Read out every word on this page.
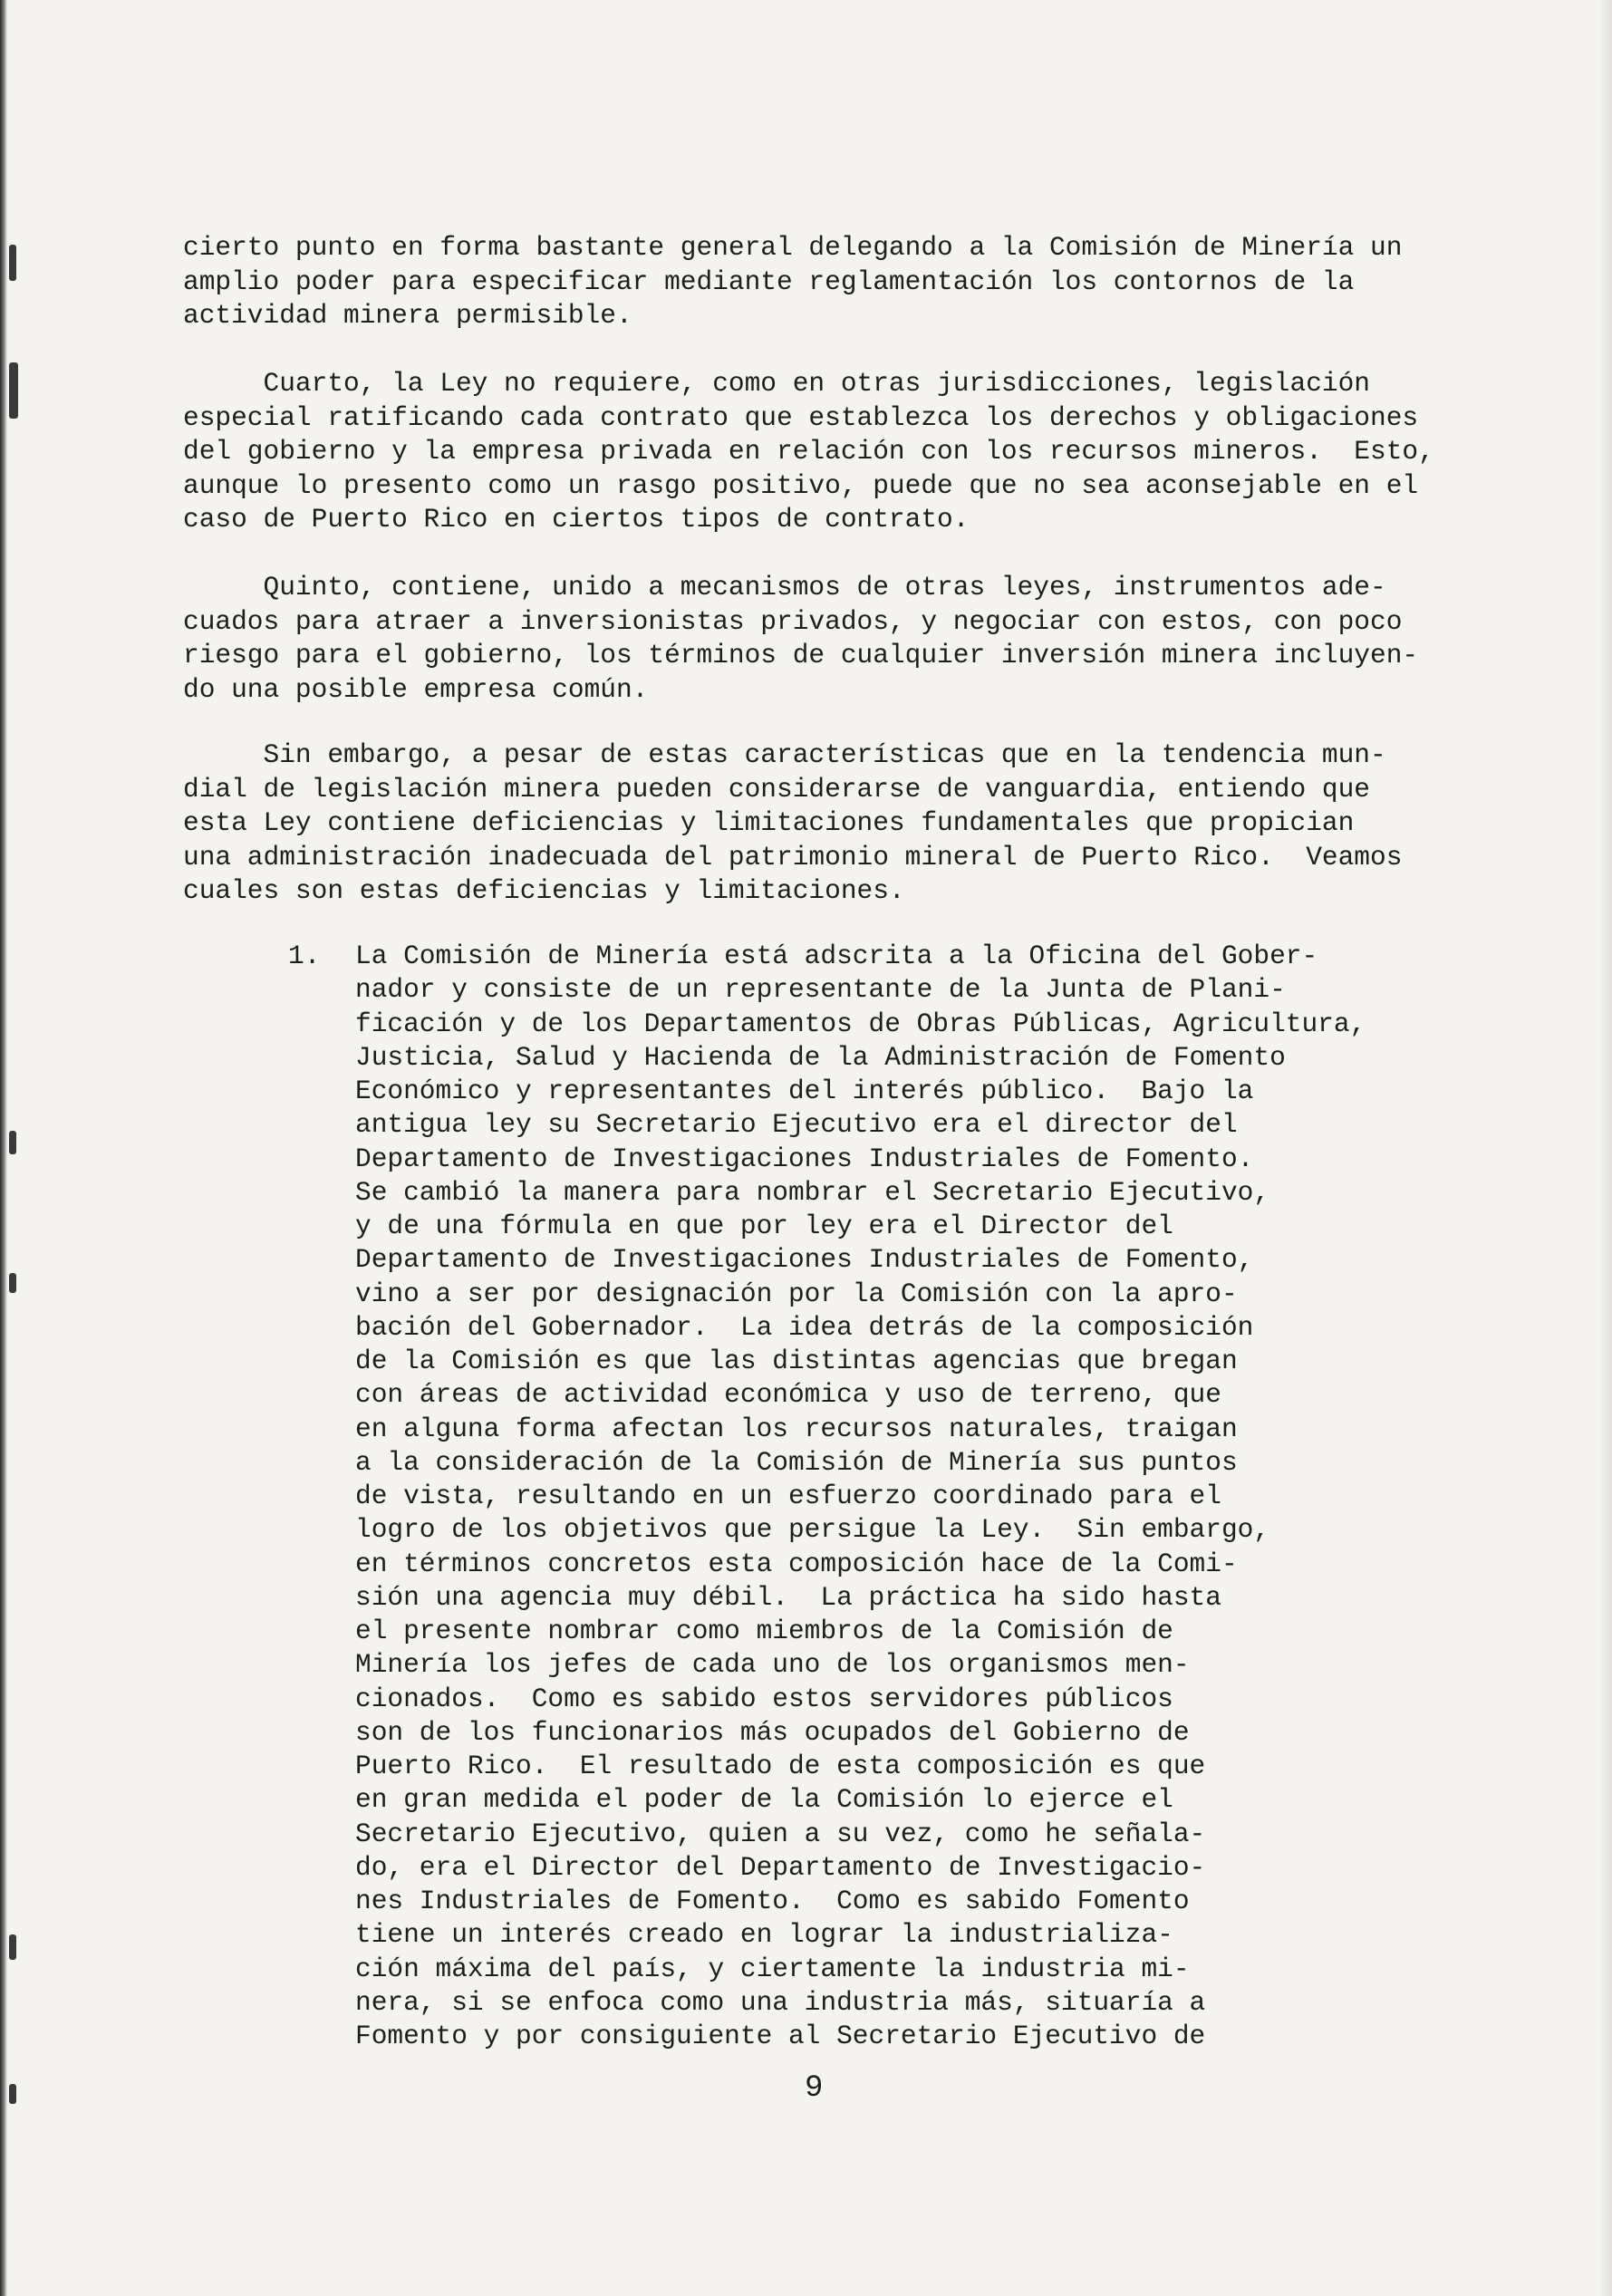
cierto punto en forma bastante general delegando a la Comisión de Minería un
amplio poder para especificar mediante reglamentación los contornos de la
actividad minera permisible.

Cuarto, la Ley no requiere, como en otras jurisdicciones, legislación
especial ratificando cada contrato que establezca los derechos y obligaciones
del gobierno y la empresa privada en relación con los recursos mineros.  Esto,
aunque lo presento como un rasgo positivo, puede que no sea aconsejable en el
caso de Puerto Rico en ciertos tipos de contrato.

Quinto, contiene, unido a mecanismos de otras leyes, instrumentos ade-
cuados para atraer a inversionistas privados, y negociar con estos, con poco
riesgo para el gobierno, los términos de cualquier inversión minera incluyen-
do una posible empresa común.

Sin embargo, a pesar de estas características que en la tendencia mun-
dial de legislación minera pueden considerarse de vanguardia, entiendo que
esta Ley contiene deficiencias y limitaciones fundamentales que propician
una administración inadecuada del patrimonio mineral de Puerto Rico.  Veamos
cuales son estas deficiencias y limitaciones.

1. La Comisión de Minería está adscrita a la Oficina del Gober-
nador y consiste de un representante de la Junta de Plani-
ficación y de los Departamentos de Obras Públicas, Agricultura,
Justicia, Salud y Hacienda de la Administración de Fomento
Económico y representantes del interés público.  Bajo la
antigua ley su Secretario Ejecutivo era el director del
Departamento de Investigaciones Industriales de Fomento.
Se cambió la manera para nombrar el Secretario Ejecutivo,
y de una fórmula en que por ley era el Director del
Departamento de Investigaciones Industriales de Fomento,
vino a ser por designación por la Comisión con la apro-
bación del Gobernador.  La idea detrás de la composición
de la Comisión es que las distintas agencias que bregan
con áreas de actividad económica y uso de terreno, que
en alguna forma afectan los recursos naturales, traigan
a la consideración de la Comisión de Minería sus puntos
de vista, resultando en un esfuerzo coordinado para el
logro de los objetivos que persigue la Ley.  Sin embargo,
en términos concretos esta composición hace de la Comi-
sión una agencia muy débil.  La práctica ha sido hasta
el presente nombrar como miembros de la Comisión de
Minería los jefes de cada uno de los organismos men-
cionados.  Como es sabido estos servidores públicos
son de los funcionarios más ocupados del Gobierno de
Puerto Rico.  El resultado de esta composición es que
en gran medida el poder de la Comisión lo ejerce el
Secretario Ejecutivo, quien a su vez, como he señala-
do, era el Director del Departamento de Investigacio-
nes Industriales de Fomento.  Como es sabido Fomento
tiene un interés creado en lograr la industrializa-
ción máxima del país, y ciertamente la industria mi-
nera, si se enfoca como una industria más, situaría a
Fomento y por consiguiente al Secretario Ejecutivo de

9
